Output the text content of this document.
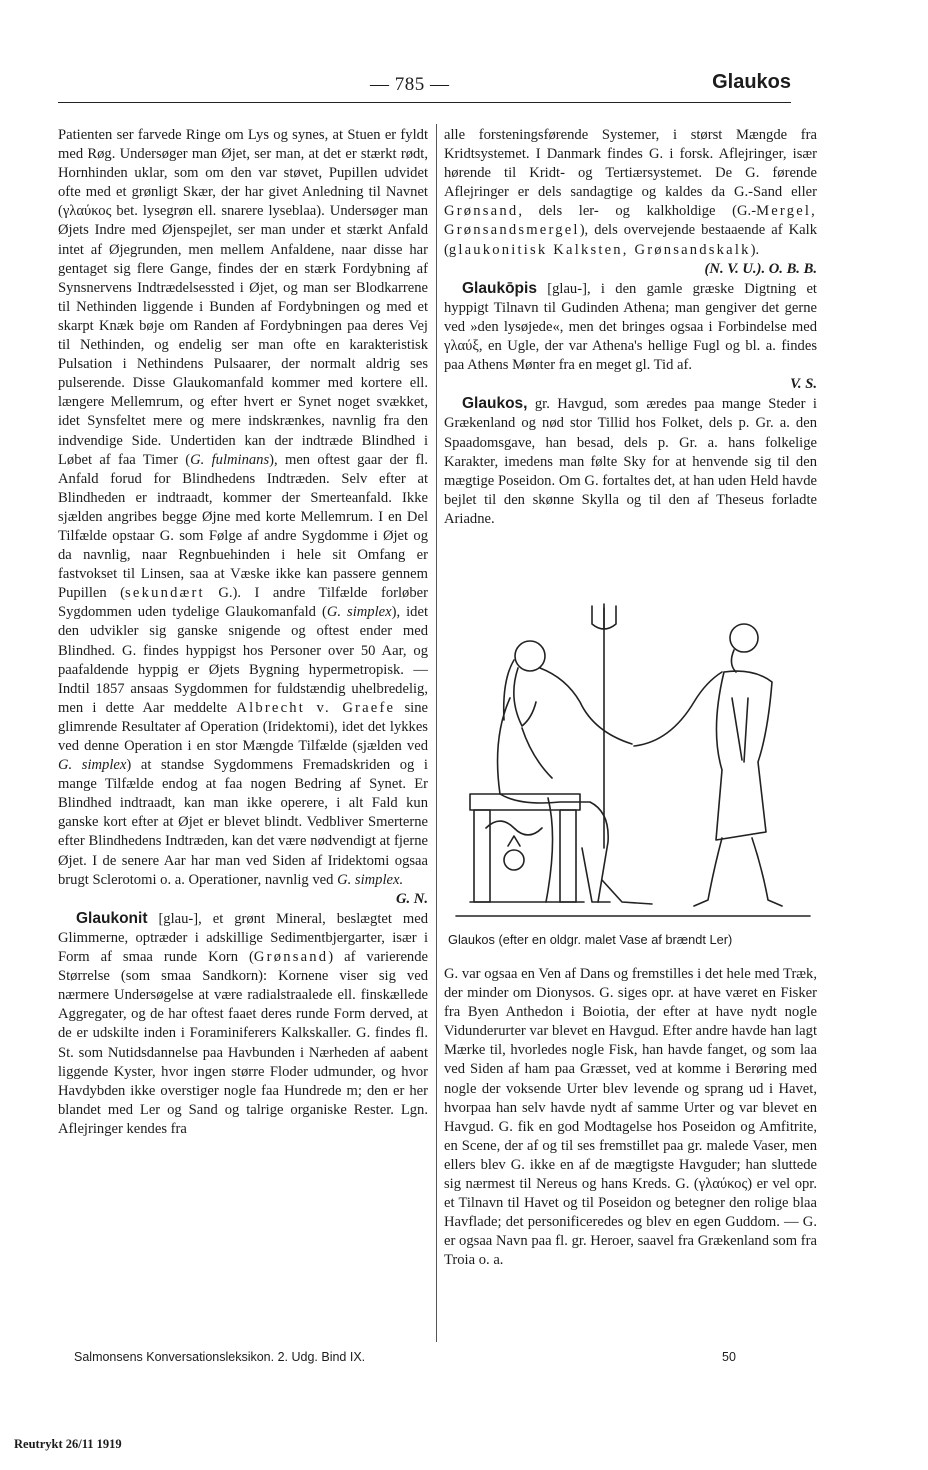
— 785 —	Glaukos

Patienten ser farvede Ringe om Lys og synes, at Stuen er fyldt med Røg. Undersøger man Øjet, ser man, at det er stærkt rødt, Hornhinden uklar, som om den var støvet, Pupillen udvidet ofte med et grønligt Skær, der har givet Anledning til Navnet (γλαύκος bet. lysegrøn ell. snarere lyseblaa). Undersøger man Øjets Indre med Øjenspejlet, ser man under et stærkt Anfald intet af Øjegrunden, men mellem Anfaldene, naar disse har gentaget sig flere Gange, findes der en stærk Fordybning af Synsnervens Indtrædelsessted i Øjet, og man ser Blodkarrene til Nethinden liggende i Bunden af Fordybningen og med et skarpt Knæk bøje om Randen af Fordybningen paa deres Vej til Nethinden, og endelig ser man ofte en karakteristisk Pulsation i Nethindens Pulsaarer, der normalt aldrig ses pulserende. Disse Glaukomanfald kommer med kortere ell. længere Mellemrum, og efter hvert er Synet noget svækket, idet Synsfeltet mere og mere indskrænkes, navnlig fra den indvendige Side. Undertiden kan der indtræde Blindhed i Løbet af faa Timer (G. fulminans), men oftest gaar der fl. Anfald forud for Blindhedens Indtræden. Selv efter at Blindheden er indtraadt, kommer der Smerteanfald. Ikke sjælden angribes begge Øjne med korte Mellemrum. I en Del Tilfælde opstaar G. som Følge af andre Sygdomme i Øjet og da navnlig, naar Regnbuehinden i hele sit Omfang er fastvokset til Linsen, saa at Væske ikke kan passere gennem Pupillen (sekundært G.). I andre Tilfælde forløber Sygdommen uden tydelige Glaukomanfald (G. simplex), idet den udvikler sig ganske snigende og oftest ender med Blindhed. G. findes hyppigst hos Personer over 50 Aar, og paafaldende hyppig er Øjets Bygning hypermetropisk. — Indtil 1857 ansaas Sygdommen for fuldstændig uhelbredelig, men i dette Aar meddelte Albrecht v. Graefe sine glimrende Resultater af Operation (Iridektomi), idet det lykkes ved denne Operation i en stor Mængde Tilfælde (sjælden ved G. simplex) at standse Sygdommens Fremadskriden og i mange Tilfælde endog at faa nogen Bedring af Synet. Er Blindhed indtraadt, kan man ikke operere, i alt Fald kun ganske kort efter at Øjet er blevet blindt. Vedbliver Smerterne efter Blindhedens Indtræden, kan det være nødvendigt at fjerne Øjet. I de senere Aar har man ved Siden af Iridektomi ogsaa brugt Sclerotomi o. a. Operationer, navnlig ved G. simplex.

G. N.

Glaukonit [glau-], et grønt Mineral, beslægtet med Glimmerne, optræder i adskillige Sedimentbjergarter, især i Form af smaa runde Korn (Grønsand) af varierende Størrelse (som smaa Sandkorn): Kornene viser sig ved nærmere Undersøgelse at være radialstraalede ell. finskællede Aggregater, og de har oftest faaet deres runde Form derved, at de er udskilte inden i Foraminiferers Kalkskaller. G. findes fl. St. som Nutidsdannelse paa Havbunden i Nærheden af aabent liggende Kyster, hvor ingen større Floder udmunder, og hvor Havdybden ikke overstiger nogle faa Hundrede m; den er her blandet med Ler og Sand og talrige organiske Rester. Lgn. Aflejringer kendes fra

alle forsteningsførende Systemer, i størst Mængde fra Kridtsystemet. I Danmark findes G. i forsk. Aflejringer, især hørende til Kridt- og Tertiærsystemet. De G. førende Aflejringer er dels sandagtige og kaldes da G.-Sand eller Grønsand, dels ler- og kalkholdige (G.-Mergel, Grønsandsmergel), dels overvejende bestaaende af Kalk (glaukonitisk Kalksten, Grønsandskalk).

(N. V. U.). O. B. B.

Glaukōpis [glau-], i den gamle græske Digtning et hyppigt Tilnavn til Gudinden Athena; man gengiver det gerne ved »den lysøjede«, men det bringes ogsaa i Forbindelse med γλαύξ, en Ugle, der var Athena's hellige Fugl og bl. a. findes paa Athens Mønter fra en meget gl. Tid af.

V. S.

Glaukos, gr. Havgud, som æredes paa mange Steder i Grækenland og nød stor Tillid hos Folket, dels p. Gr. a. den Spaadomsgave, han besad, dels p. Gr. a. hans folkelige Karakter, imedens man følte Sky for at henvende sig til den mægtige Poseidon. Om G. fortaltes det, at han uden Held havde bejlet til den skønne Skylla og til den af Theseus forladte Ariadne.

Glaukos (efter en oldgr. malet Vase af brændt Ler)

G. var ogsaa en Ven af Dans og fremstilles i det hele med Træk, der minder om Dionysos. G. siges opr. at have været en Fisker fra Byen Anthedon i Boiotia, der efter at have nydt nogle Vidunderurter var blevet en Havgud. Efter andre havde han lagt Mærke til, hvorledes nogle Fisk, han havde fanget, og som laa ved Siden af ham paa Græsset, ved at komme i Berøring med nogle der voksende Urter blev levende og sprang ud i Havet, hvorpaa han selv havde nydt af samme Urter og var blevet en Havgud. G. fik en god Modtagelse hos Poseidon og Amfitrite, en Scene, der af og til ses fremstillet paa gr. malede Vaser, men ellers blev G. ikke en af de mægtigste Havguder; han sluttede sig nærmest til Nereus og hans Kreds. G. (γλαύκος) er vel opr. et Tilnavn til Havet og til Poseidon og betegner den rolige blaa Havflade; det personificeredes og blev en egen Guddom. — G. er ogsaa Navn paa fl. gr. Heroer, saavel fra Grækenland som fra Troia o. a.

Salmonsens Konversationsleksikon. 2. Udg. Bind IX.	50
Reutrykt 26/11 1919
